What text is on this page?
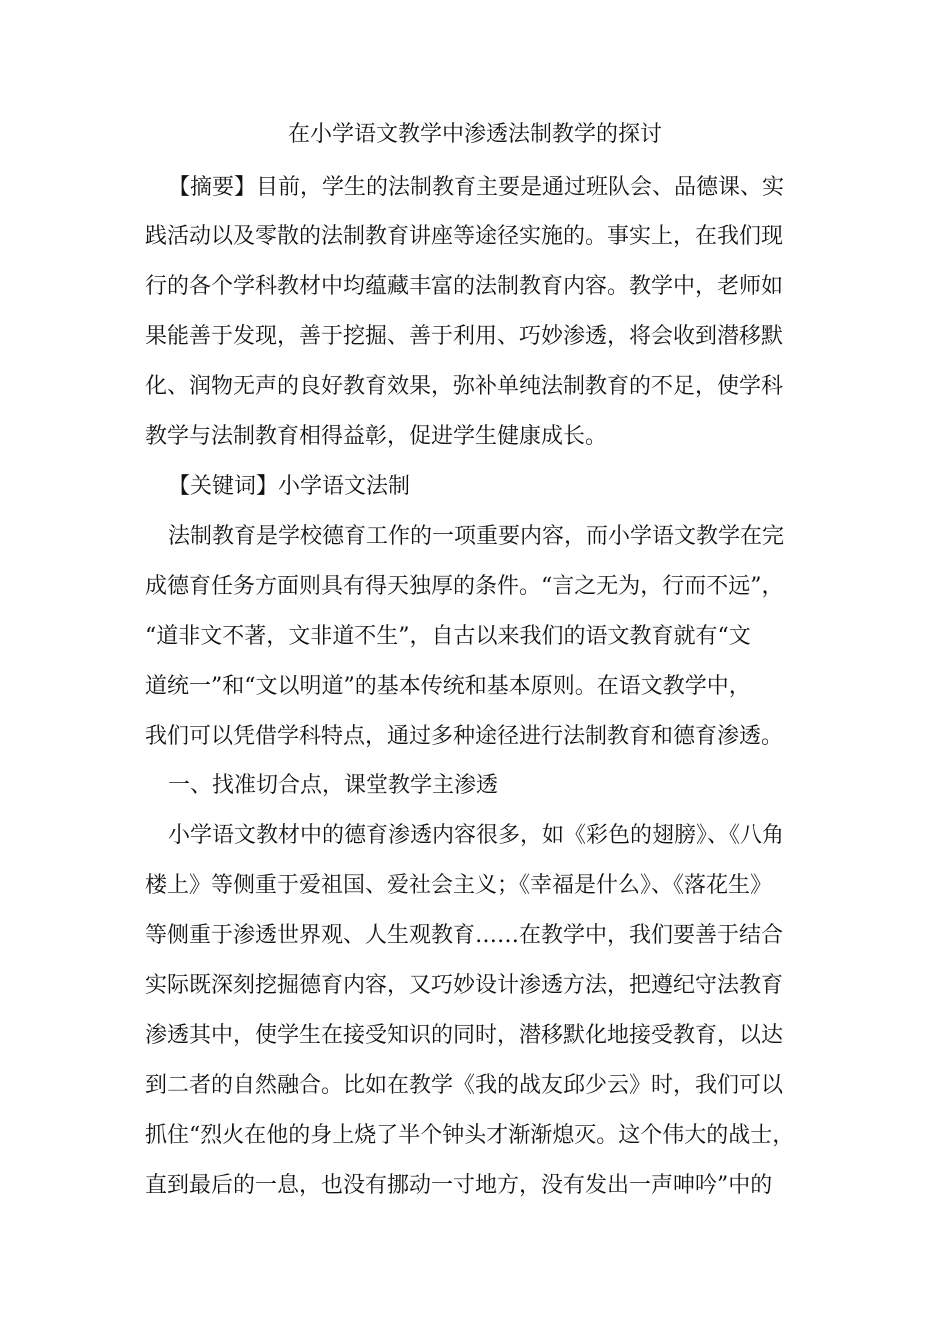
在小学语文教学中渗透法制教学的探讨

【摘要】目前，学生的法制教育主要是通过班队会、品德课、实

践活动以及零散的法制教育讲座等途径实施的。事实上，在我们现

行的各个学科教材中均蕴藏丰富的法制教育内容。教学中，老师如

果能善于发现，善于挖掘、善于利用、巧妙渗透，将会收到潜移默

化、润物无声的良好教育效果，弥补单纯法制教育的不足，使学科

教学与法制教育相得益彰，促进学生健康成长。

【关键词】小学语文法制

法制教育是学校德育工作的一项重要内容，而小学语文教学在完

成德育任务方面则具有得天独厚的条件。“言之无为，行而不远”，

“道非文不著，文非道不生”，自古以来我们的语文教育就有“文

道统一”和“文以明道”的基本传统和基本原则。在语文教学中，

我们可以凭借学科特点，通过多种途径进行法制教育和德育渗透。

一、找准切合点，课堂教学主渗透

小学语文教材中的德育渗透内容很多，如《彩色的翅膀》、《八角

楼上》等侧重于爱祖国、爱社会主义；《幸福是什么》、《落花生》

等侧重于渗透世界观、人生观教育……在教学中，我们要善于结合

实际既深刻挖掘德育内容，又巧妙设计渗透方法，把遵纪守法教育

渗透其中，使学生在接受知识的同时，潜移默化地接受教育，以达

到二者的自然融合。比如在教学《我的战友邱少云》时，我们可以

抓住“烈火在他的身上烧了半个钟头才渐渐熄灭。这个伟大的战士，

直到最后的一息，也没有挪动一寸地方，没有发出一声呻吟”中的
